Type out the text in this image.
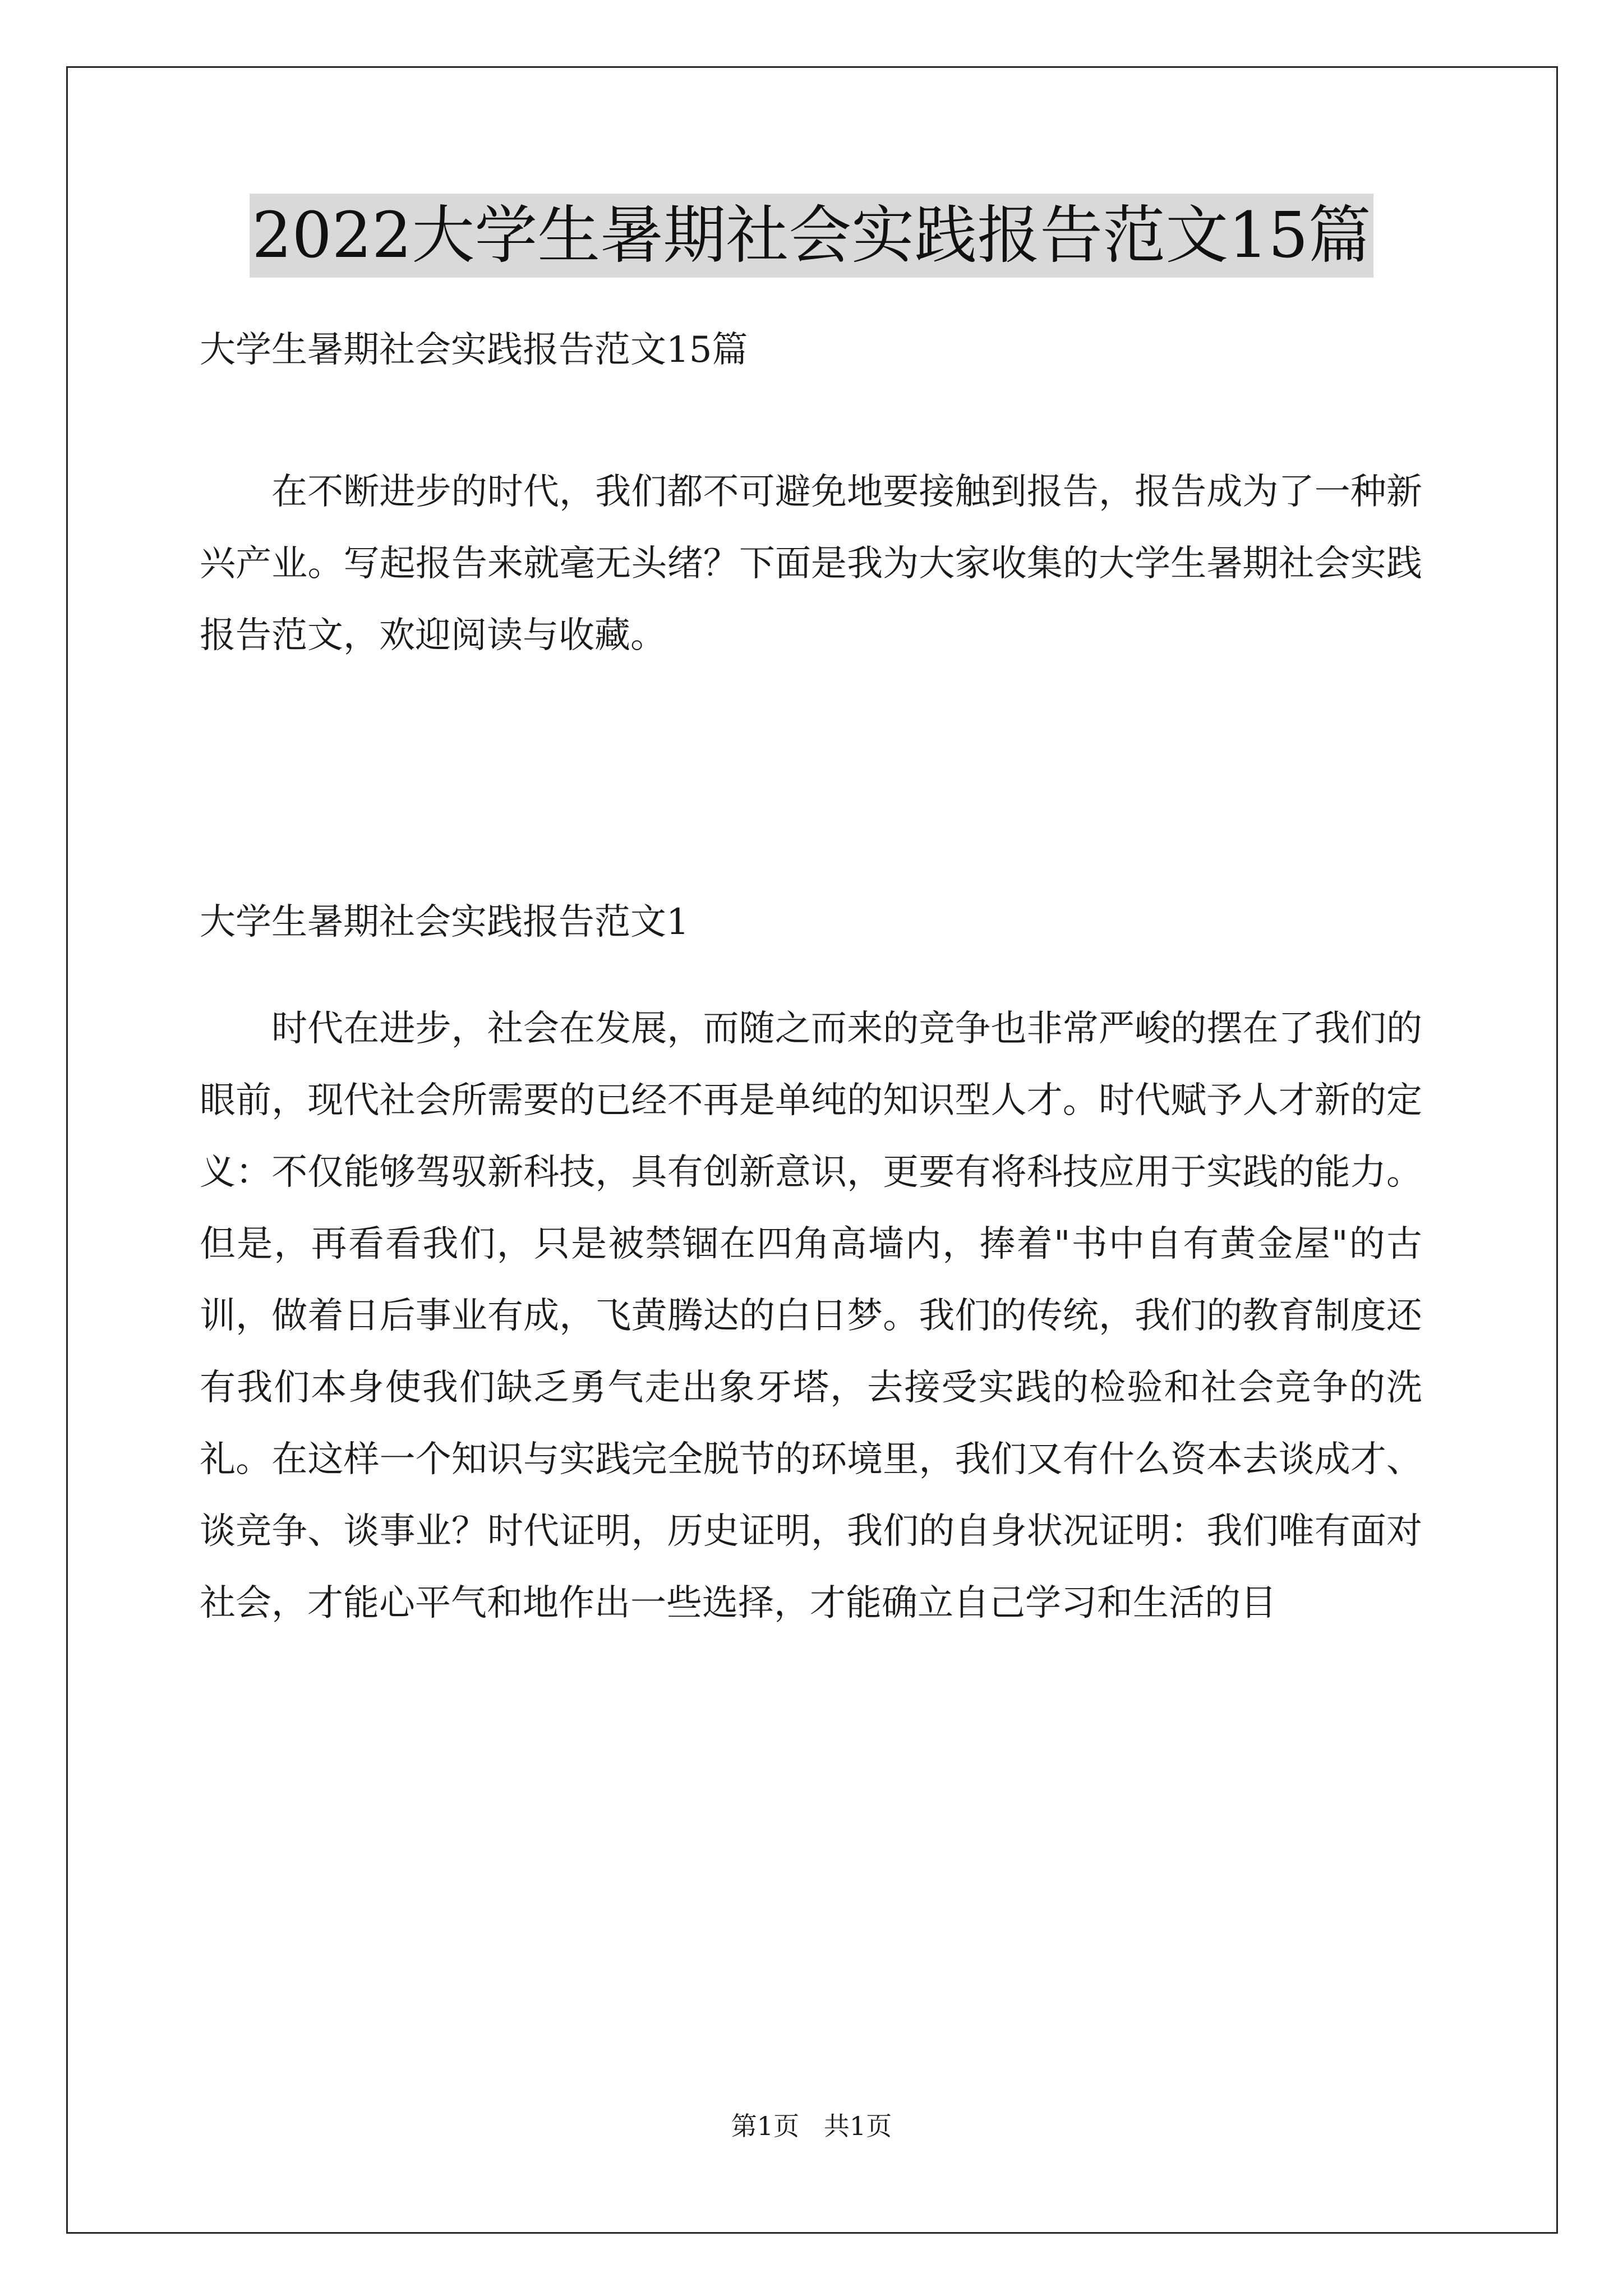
2022大学生暑期社会实践报告范文15篇

大学生暑期社会实践报告范文15篇

在不断进步的时代，我们都不可避免地要接触到报告，报告成为了一种新兴产业。写起报告来就毫无头绪？下面是我为大家收集的大学生暑期社会实践报告范文，欢迎阅读与收藏。

大学生暑期社会实践报告范文1

时代在进步，社会在发展，而随之而来的竞争也非常严峻的摆在了我们的眼前，现代社会所需要的已经不再是单纯的知识型人才。时代赋予人才新的定义：不仅能够驾驭新科技，具有创新意识，更要有将科技应用于实践的能力。但是，再看看我们，只是被禁锢在四角高墙内，捧着"书中自有黄金屋"的古训，做着日后事业有成，飞黄腾达的白日梦。我们的传统，我们的教育制度还有我们本身使我们缺乏勇气走出象牙塔，去接受实践的检验和社会竞争的洗礼。在这样一个知识与实践完全脱节的环境里，我们又有什么资本去谈成才、谈竞争、谈事业？时代证明，历史证明，我们的自身状况证明：我们唯有面对社会，才能心平气和地作出一些选择，才能确立自己学习和生活的目

第1页   共1页
